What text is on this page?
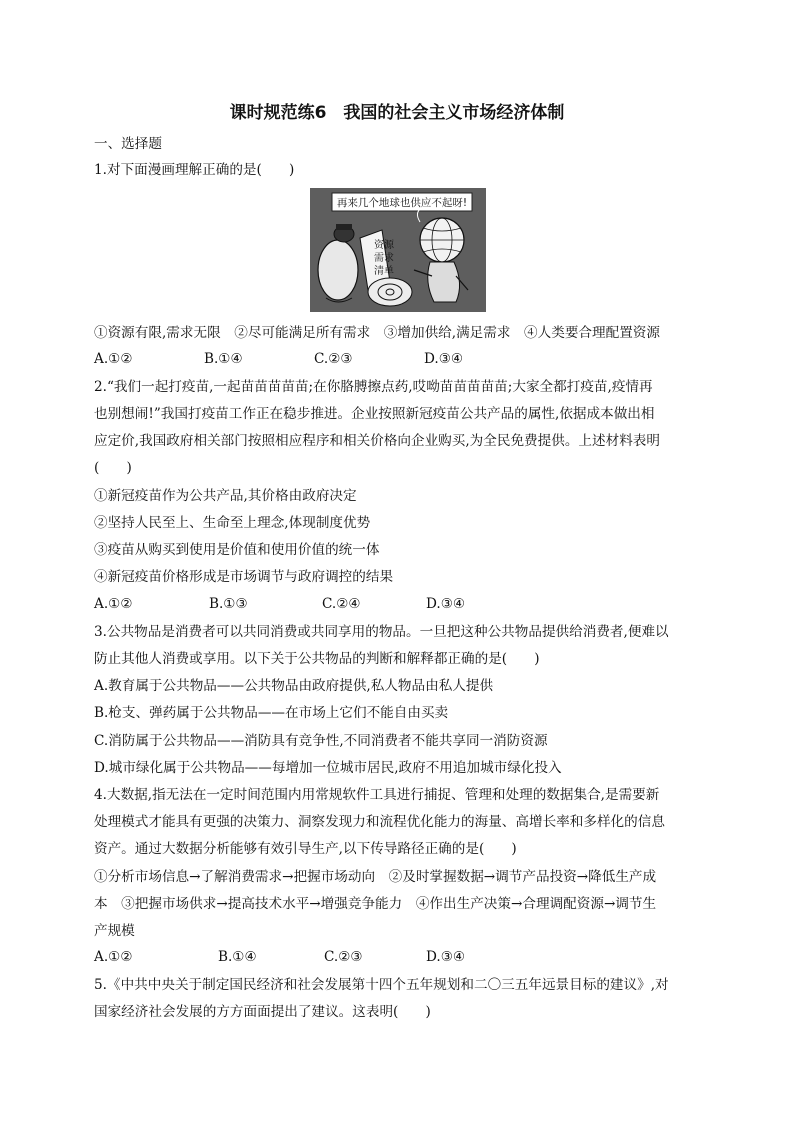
课时规范练6　我国的社会主义市场经济体制
一、选择题
1.对下面漫画理解正确的是(　　)
再来几个地球也供应不起呀!
资源
需求
清单
①资源有限,需求无限　②尽可能满足所有需求　③增加供给,满足需求　④人类要合理配置资源
A.①②	B.①④	C.②③	D.③④
2.“我们一起打疫苗,一起苗苗苗苗苗;在你胳膊擦点药,哎呦苗苗苗苗苗;大家全都打疫苗,疫情再
也别想闹!”我国打疫苗工作正在稳步推进。企业按照新冠疫苗公共产品的属性,依据成本做出相
应定价,我国政府相关部门按照相应程序和相关价格向企业购买,为全民免费提供。上述材料表明
(　　)
①新冠疫苗作为公共产品,其价格由政府决定
②坚持人民至上、生命至上理念,体现制度优势
③疫苗从购买到使用是价值和使用价值的统一体
④新冠疫苗价格形成是市场调节与政府调控的结果
A.①②	B.①③	C.②④	D.③④
3.公共物品是消费者可以共同消费或共同享用的物品。一旦把这种公共物品提供给消费者,便难以
防止其他人消费或享用。以下关于公共物品的判断和解释都正确的是(　　)
A.教育属于公共物品——公共物品由政府提供,私人物品由私人提供
B.枪支、弹药属于公共物品——在市场上它们不能自由买卖
C.消防属于公共物品——消防具有竞争性,不同消费者不能共享同一消防资源
D.城市绿化属于公共物品——每增加一位城市居民,政府不用追加城市绿化投入
4.大数据,指无法在一定时间范围内用常规软件工具进行捕捉、管理和处理的数据集合,是需要新
处理模式才能具有更强的决策力、洞察发现力和流程优化能力的海量、高增长率和多样化的信息
资产。通过大数据分析能够有效引导生产,以下传导路径正确的是(　　)
①分析市场信息→了解消费需求→把握市场动向　②及时掌握数据→调节产品投资→降低生产成
本　③把握市场供求→提高技术水平→增强竞争能力　④作出生产决策→合理调配资源→调节生
产规模
A.①②	B.①④	C.②③	D.③④
5.《中共中央关于制定国民经济和社会发展第十四个五年规划和二〇三五年远景目标的建议》,对
国家经济社会发展的方方面面提出了建议。这表明(　　)
